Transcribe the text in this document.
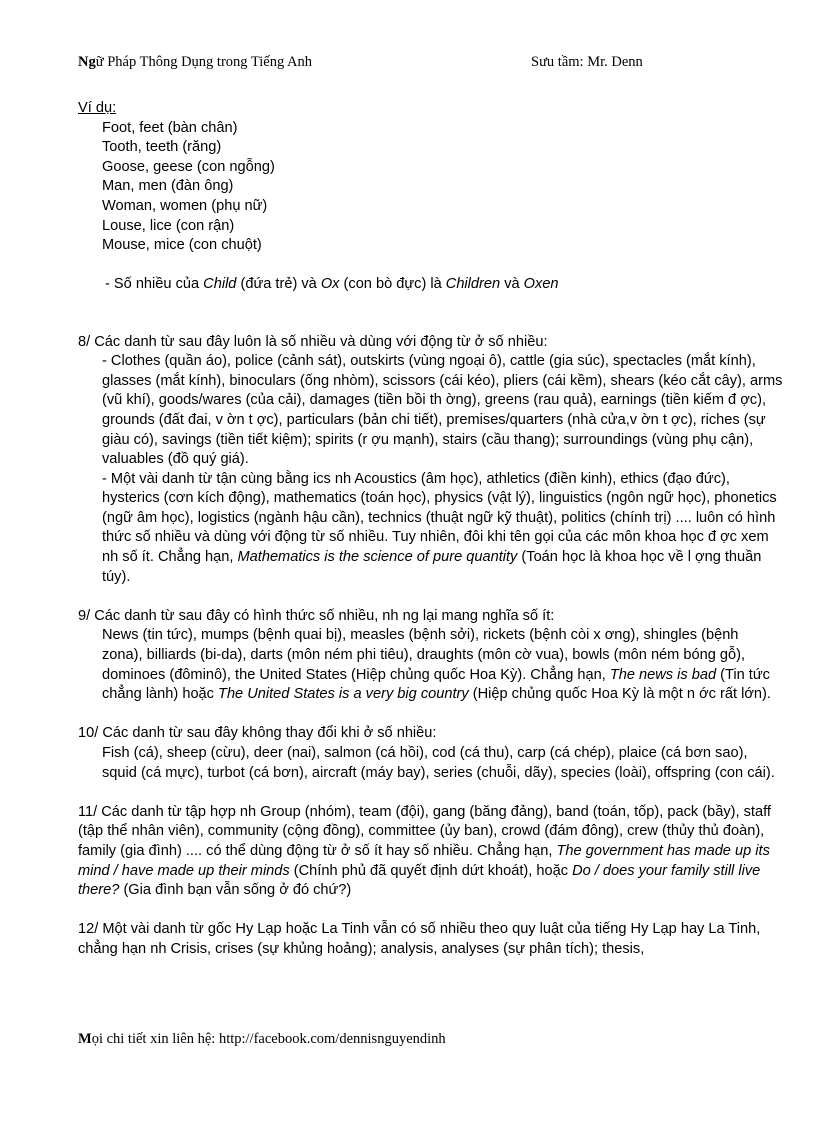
Ngữ Pháp Thông Dụng trong Tiếng Anh	Sưu tầm: Mr. Denn

Ví dụ:

Foot, feet (bàn chân)

Tooth, teeth (răng)

Goose, geese (con ngỗng)

Man, men (đàn ông)

Woman, women (phụ nữ)

Louse, lice (con rận)

Mouse, mice (con chuột)

- Số nhiều của Child (đứa trẻ) và Ox (con bò đực) là Children và Oxen

8/ Các danh từ sau đây luôn là số nhiều và dùng với động từ ở số nhiều:

- Clothes (quần áo), police (cảnh sát), outskirts (vùng ngoại ô), cattle (gia súc), spectacles (mắt kính), glasses (mắt kính), binoculars (ống nhòm), scissors (cái kéo), pliers (cái kềm), shears (kéo cắt cây), arms (vũ khí), goods/wares (của cải), damages (tiền bồi th ờng), greens (rau quả), earnings (tiền kiếm đ ợc), grounds (đất đai, v ờn t ợc), particulars (bản chi tiết), premises/quarters (nhà cửa,v ờn t ợc), riches (sự giàu có), savings (tiền tiết kiệm); spirits (r ợu mạnh), stairs (cầu thang); surroundings (vùng phụ cận), valuables (đồ quý giá).

- Một vài danh từ tận cùng bằng ics nh Acoustics (âm học), athletics (điền kinh), ethics (đạo đức), hysterics (cơn kích động), mathematics (toán học), physics (vật lý), linguistics (ngôn ngữ học), phonetics (ngữ âm học), logistics (ngành hậu cần), technics (thuật ngữ kỹ thuật), politics (chính trị) .... luôn có hình thức số nhiều và dùng với động từ số nhiều. Tuy nhiên, đôi khi tên gọi của các môn khoa học đ ợc xem nh số ít. Chẳng hạn, Mathematics is the science of pure quantity (Toán học là khoa học về l ợng thuần túy).

9/ Các danh từ sau đây có hình thức số nhiều, nh ng lại mang nghĩa số ít:

News (tin tức), mumps (bệnh quai bị), measles (bệnh sởi), rickets (bệnh còi x ơng), shingles (bệnh zona), billiards (bi-da), darts (môn ném phi tiêu), draughts (môn cờ vua), bowls (môn ném bóng gỗ),

dominoes (đôminô), the United States (Hiệp chủng quốc Hoa Kỳ). Chẳng hạn, The news is bad (Tin tức chẳng lành) hoặc The United States is a very big country (Hiệp chủng quốc Hoa Kỳ là một n ớc rất lớn).

10/ Các danh từ sau đây không thay đổi khi ở số nhiều:

Fish (cá), sheep (cừu), deer (nai), salmon (cá hồi), cod (cá thu), carp (cá chép), plaice (cá bơn sao), squid (cá mực), turbot (cá bơn), aircraft (máy bay), series (chuỗi, dãy), species (loài), offspring (con cái).

11/ Các danh từ tập hợp nh Group (nhóm), team (đội), gang (băng đảng), band (toán, tốp), pack (bầy), staff (tập thể nhân viên), community (cộng đồng), committee (ủy ban), crowd (đám đông), crew (thủy thủ đoàn), family (gia đình) .... có thể dùng động từ ở số ít hay số nhiều. Chẳng hạn, The government has made up its mind / have made up their minds (Chính phủ đã quyết định dứt khoát), hoặc Do / does your family still live there? (Gia đình bạn vẫn sống ở đó chứ?)

12/ Một vài danh từ gốc Hy Lạp hoặc La Tinh vẫn có số nhiều theo quy luật của tiếng Hy Lạp hay La Tinh, chẳng hạn nh Crisis, crises (sự khủng hoảng); analysis, analyses (sự phân tích); thesis,

Mọi chi tiết xin liên hệ: http://facebook.com/dennisnguyendinh
